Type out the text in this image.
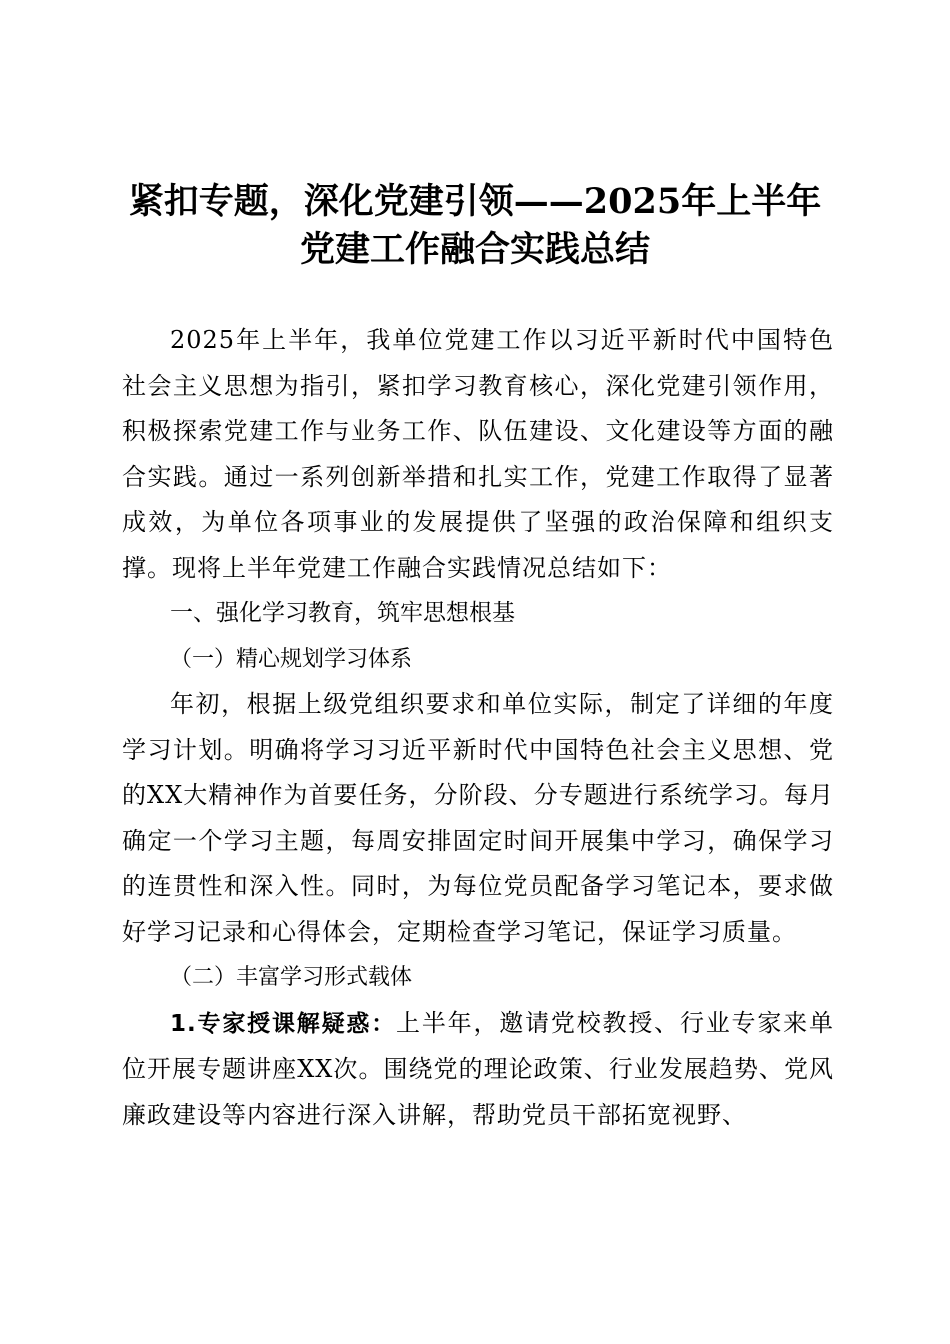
紧扣专题，深化党建引领——2025年上半年
党建工作融合实践总结

2025年上半年，我单位党建工作以习近平新时代中国特色社会主义思想为指引，紧扣学习教育核心，深化党建引领作用，积极探索党建工作与业务工作、队伍建设、文化建设等方面的融合实践。通过一系列创新举措和扎实工作，党建工作取得了显著成效，为单位各项事业的发展提供了坚强的政治保障和组织支撑。现将上半年党建工作融合实践情况总结如下：

一、强化学习教育，筑牢思想根基

（一）精心规划学习体系

年初，根据上级党组织要求和单位实际，制定了详细的年度学习计划。明确将学习习近平新时代中国特色社会主义思想、党的XX大精神作为首要任务，分阶段、分专题进行系统学习。每月确定一个学习主题，每周安排固定时间开展集中学习，确保学习的连贯性和深入性。同时，为每位党员配备学习笔记本，要求做好学习记录和心得体会，定期检查学习笔记，保证学习质量。

（二）丰富学习形式载体

1.专家授课解疑惑：上半年，邀请党校教授、行业专家来单位开展专题讲座XX次。围绕党的理论政策、行业发展趋势、党风廉政建设等内容进行深入讲解，帮助党员干部拓宽视野、
